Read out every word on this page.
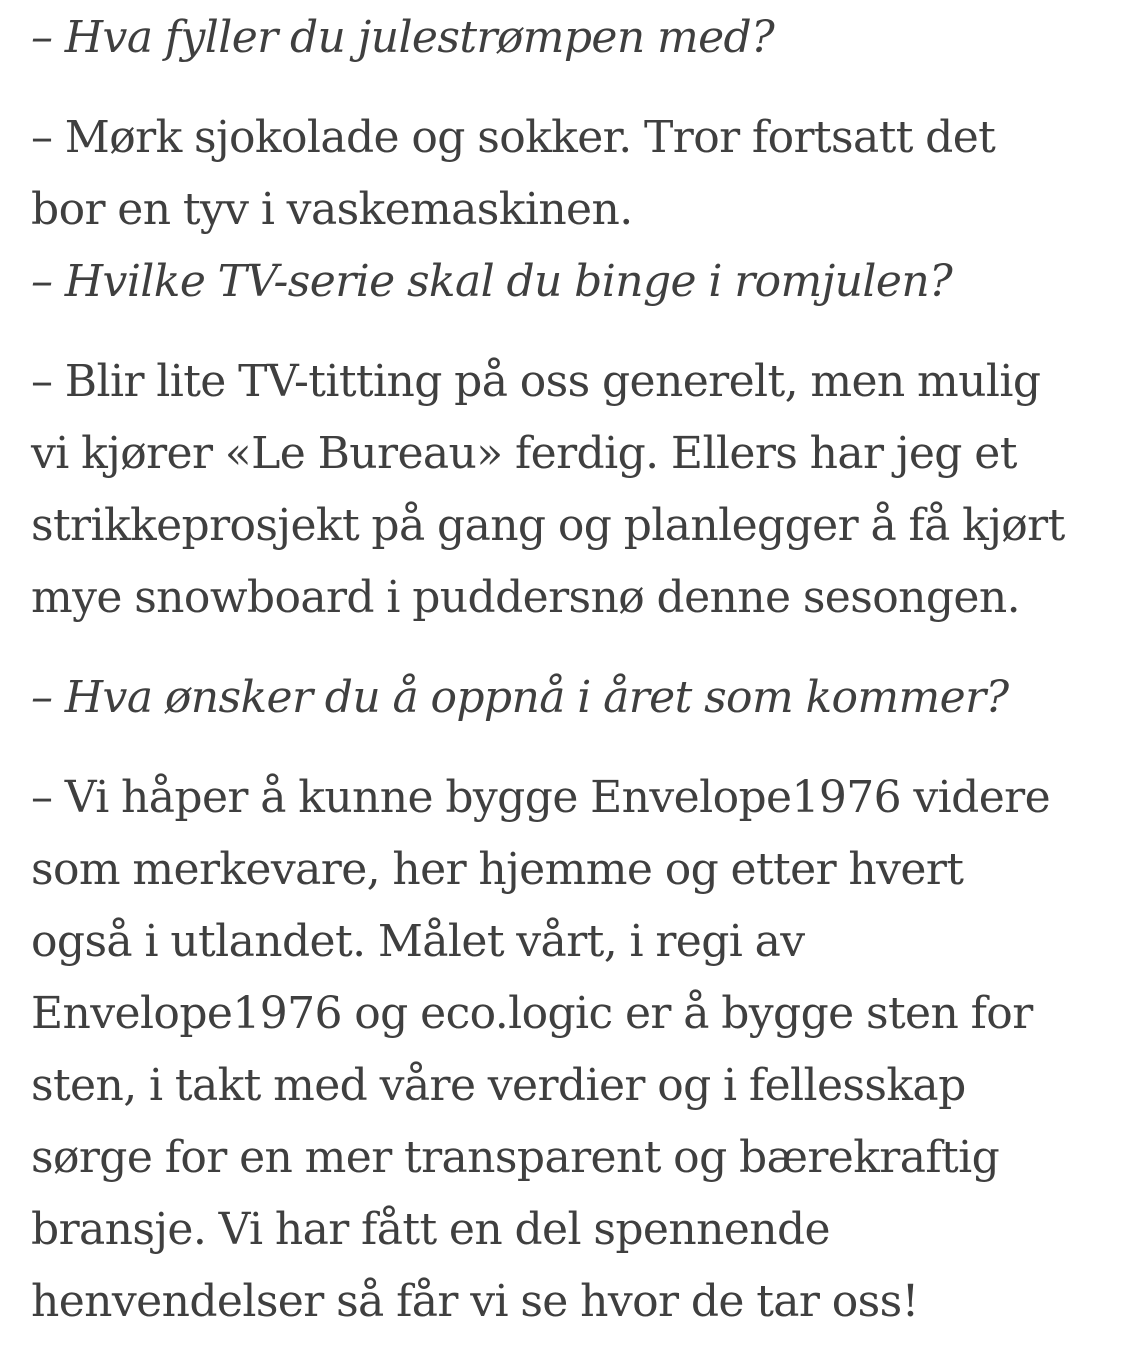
– Hva fyller du julestrømpen med?

– Mørk sjokolade og sokker. Tror fortsatt det
bor en tyv i vaskemaskinen.

– Hvilke TV-serie skal du binge i romjulen?

– Blir lite TV-titting på oss generelt, men mulig
vi kjører «Le Bureau» ferdig. Ellers har jeg et
strikkeprosjekt på gang og planlegger å få kjørt
mye snowboard i puddersnø denne sesongen.

– Hva ønsker du å oppnå i året som kommer?

– Vi håper å kunne bygge Envelope1976 videre
som merkevare, her hjemme og etter hvert
også i utlandet. Målet vårt, i regi av
Envelope1976 og eco.logic er å bygge sten for
sten, i takt med våre verdier og i fellesskap
sørge for en mer transparent og bærekraftig
bransje. Vi har fått en del spennende
henvendelser så får vi se hvor de tar oss!
